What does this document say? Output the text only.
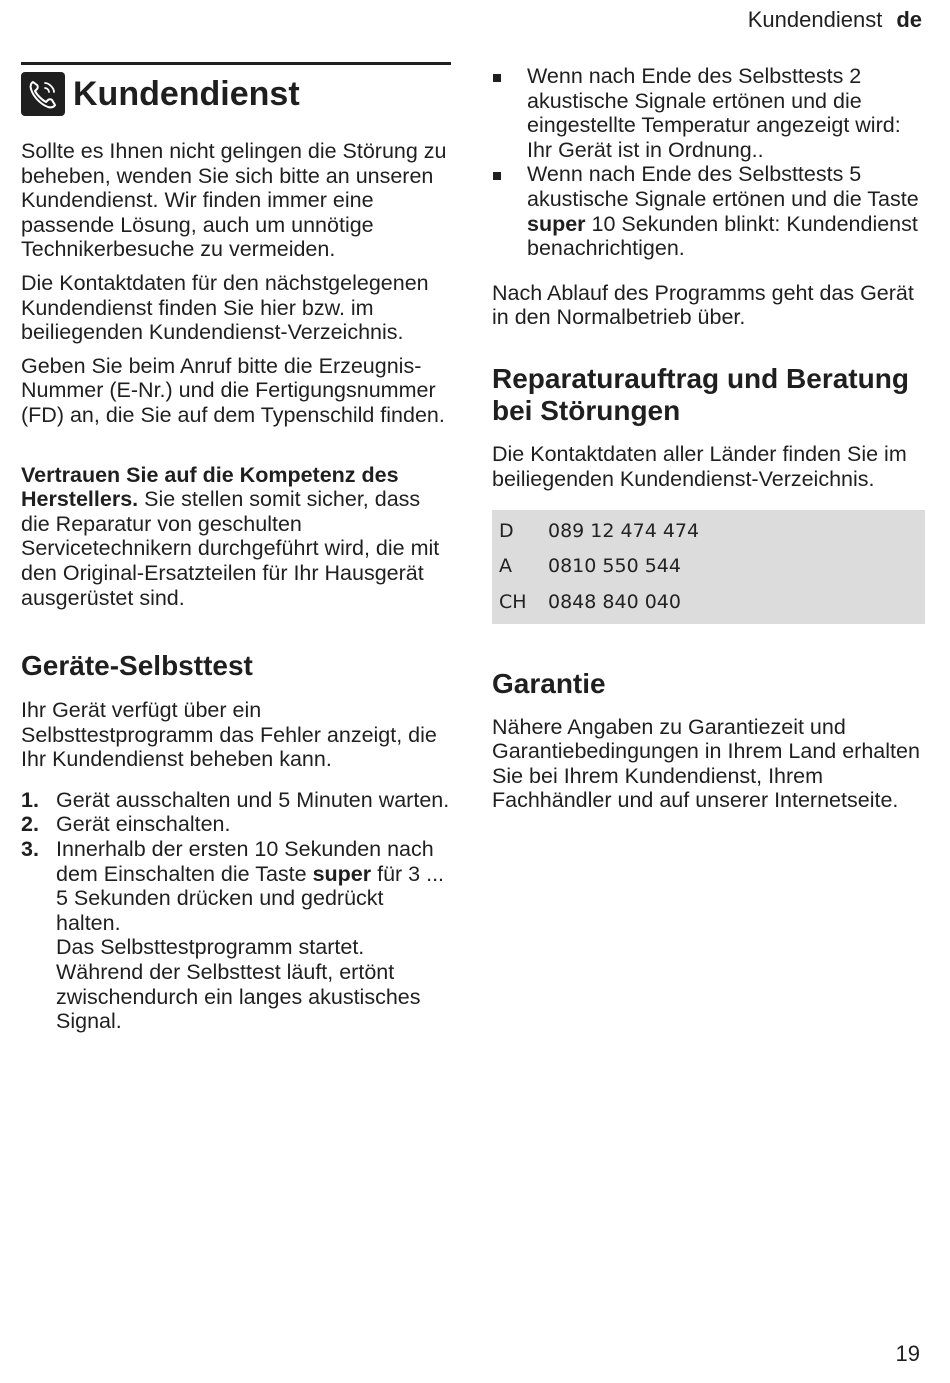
Kundendienst de
Kundendienst

Sollte es Ihnen nicht gelingen die Störung zu beheben, wenden Sie sich bitte an unseren Kundendienst. Wir finden immer eine passende Lösung, auch um unnötige Technikerbesuche zu vermeiden.

Die Kontaktdaten für den nächstgelegenen Kundendienst finden Sie hier bzw. im beiliegenden Kundendienst-Verzeichnis.

Geben Sie beim Anruf bitte die Erzeugnis-Nummer (E-Nr.) und die Fertigungsnummer (FD) an, die Sie auf dem Typenschild finden.

Vertrauen Sie auf die Kompetenz des Herstellers. Sie stellen somit sicher, dass die Reparatur von geschulten Servicetechnikern durchgeführt wird, die mit den Original-Ersatzteilen für Ihr Hausgerät ausgerüstet sind.

Geräte-Selbsttest

Ihr Gerät verfügt über ein Selbsttestprogramm das Fehler anzeigt, die Ihr Kundendienst beheben kann.

1. Gerät ausschalten und 5 Minuten warten.
2. Gerät einschalten.
3. Innerhalb der ersten 10 Sekunden nach dem Einschalten die Taste super für 3 ... 5 Sekunden drücken und gedrückt halten.
Das Selbsttestprogramm startet. Während der Selbsttest läuft, ertönt zwischendurch ein langes akustisches Signal.
Wenn nach Ende des Selbsttests 2 akustische Signale ertönen und die eingestellte Temperatur angezeigt wird: Ihr Gerät ist in Ordnung..
Wenn nach Ende des Selbsttests 5 akustische Signale ertönen und die Taste super 10 Sekunden blinkt: Kundendienst benachrichtigen.

Nach Ablauf des Programms geht das Gerät in den Normalbetrieb über.

Reparaturauftrag und Beratung bei Störungen

Die Kontaktdaten aller Länder finden Sie im beiliegenden Kundendienst-Verzeichnis.

D	089 12 474 474
A	0810 550 544
CH	0848 840 040
Garantie

Nähere Angaben zu Garantiezeit und Garantiebedingungen in Ihrem Land erhalten Sie bei Ihrem Kundendienst, Ihrem Fachhändler und auf unserer Internetseite.

19
